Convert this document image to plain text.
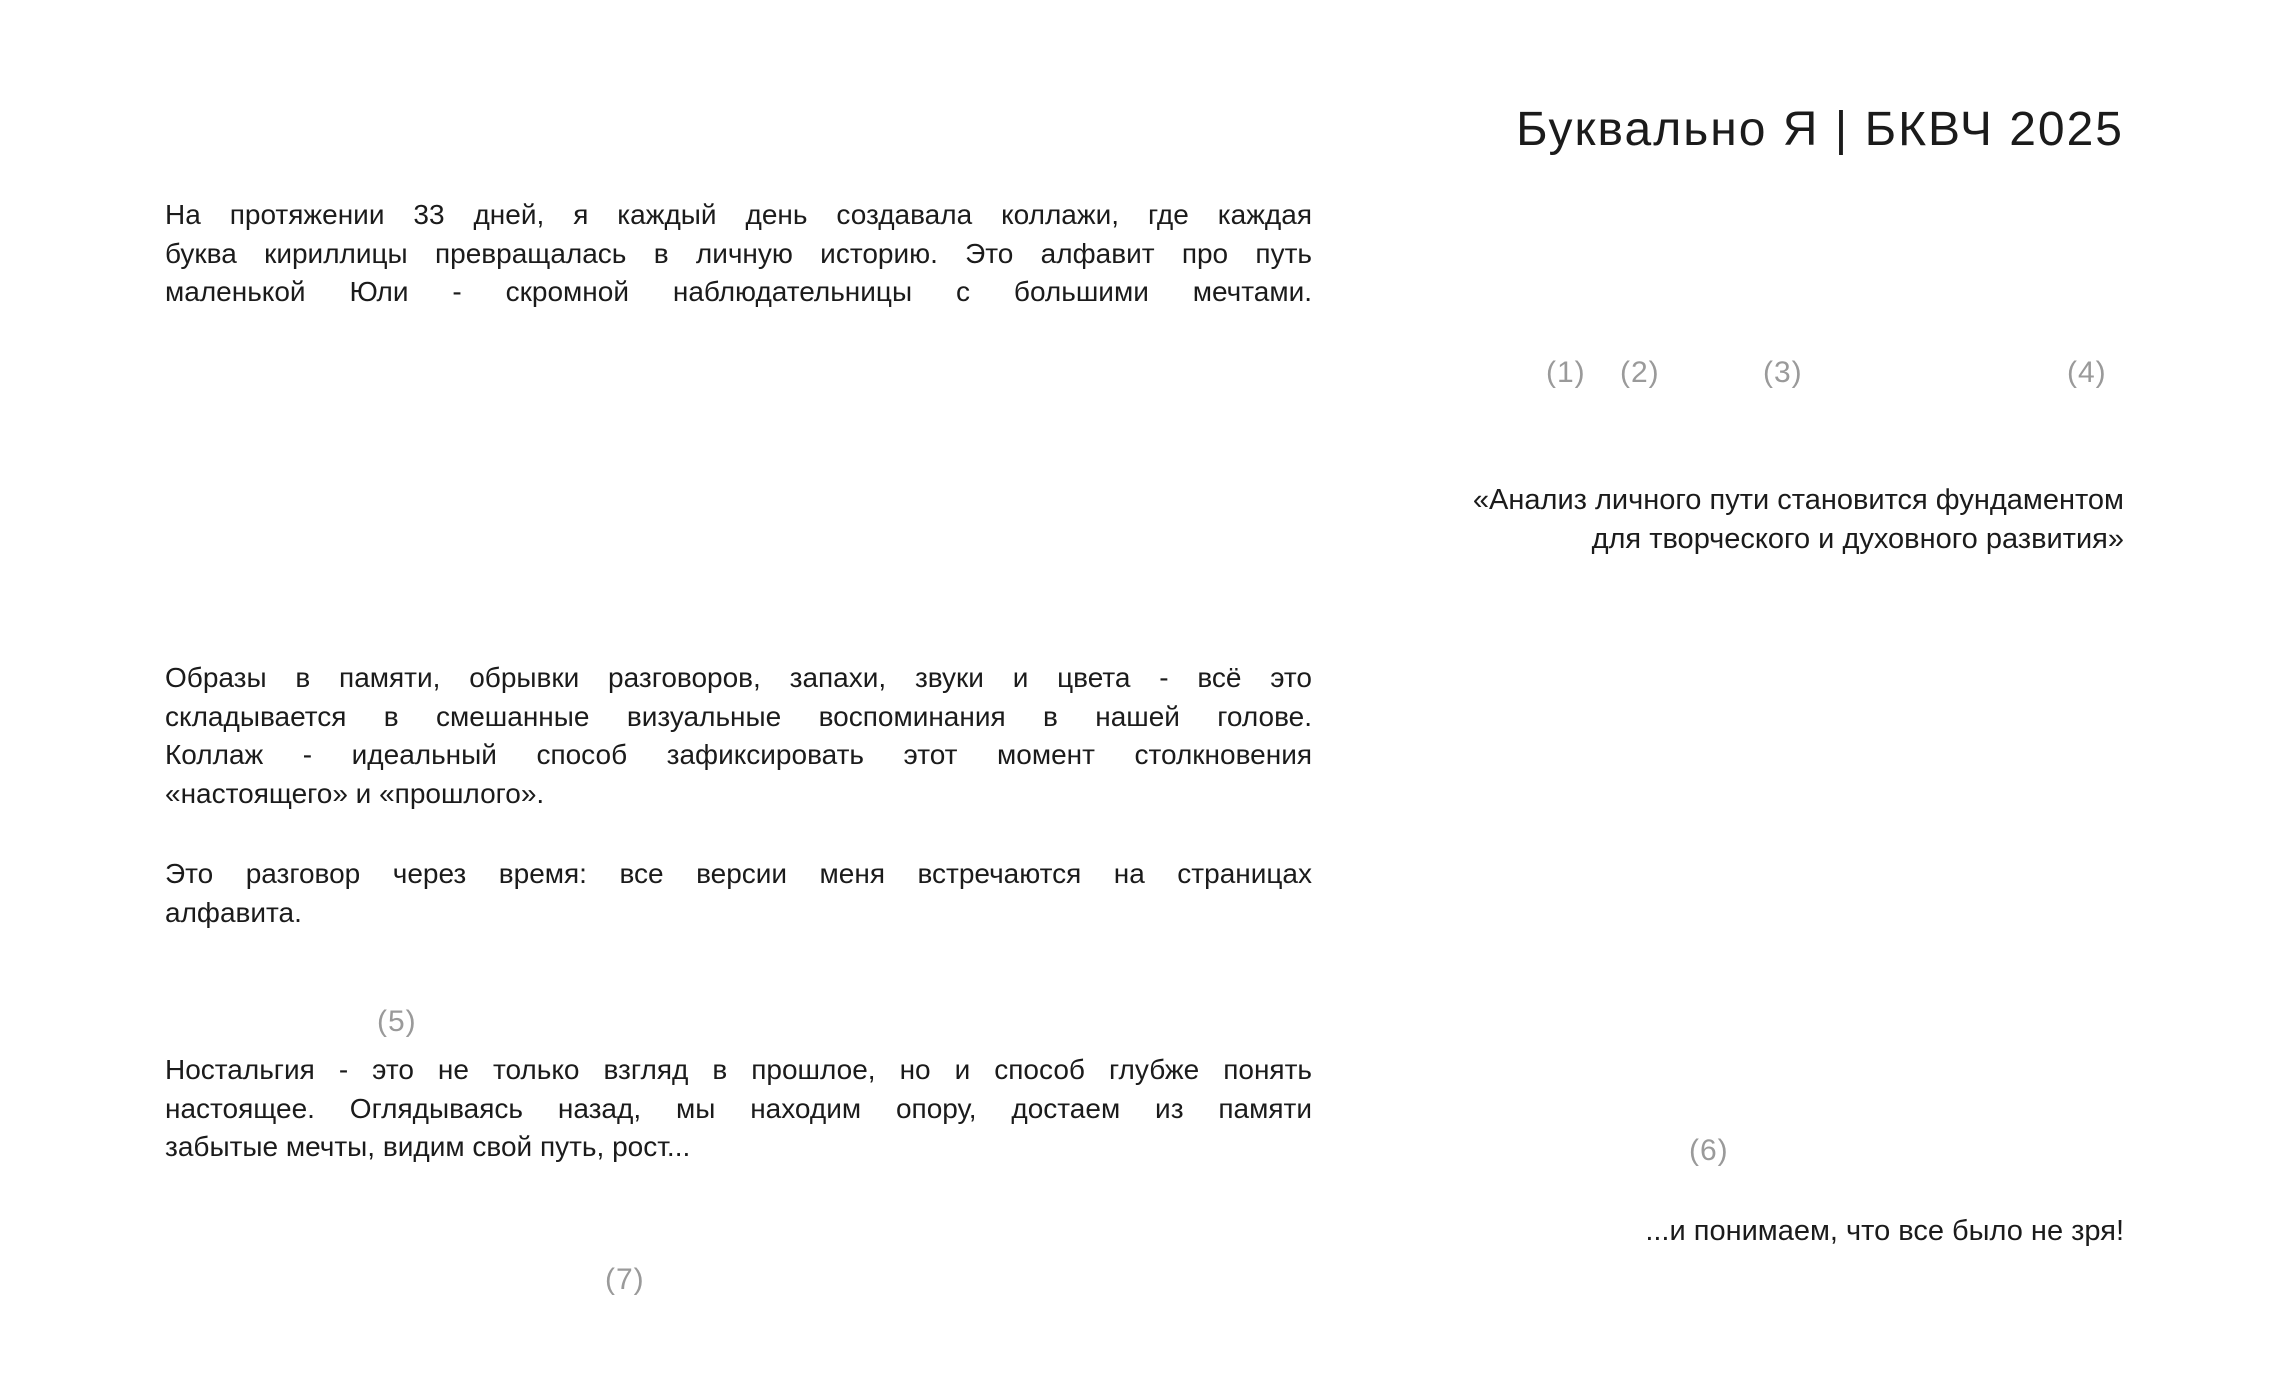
Буквально Я | БКВЧ 2025
На протяжении 33 дней, я каждый день создавала коллажи, где каждая
буква кириллицы превращалась в личную историю. Это алфавит про путь
маленькой Юли - скромной наблюдательницы с большими мечтами.
(1) (2)	(3)	(4)
«Анализ личного пути становится фундаментом
для творческого и духовного развития»
Образы в памяти, обрывки разговоров, запахи, звуки и цвета - всё это
складывается в смешанные визуальные воспоминания в нашей голове.
Коллаж - идеальный способ зафиксировать этот момент столкновения
«настоящего» и «прошлого».
Это разговор через время: все версии меня встречаются на страницах
алфавита.
(5)
Ностальгия - это не только взгляд в прошлое, но и способ глубже понять
настоящее. Оглядываясь назад, мы находим опору, достаем из памяти
забытые мечты, видим свой путь, рост...	(6)
...и понимаем, что все было не зря!
(7)
